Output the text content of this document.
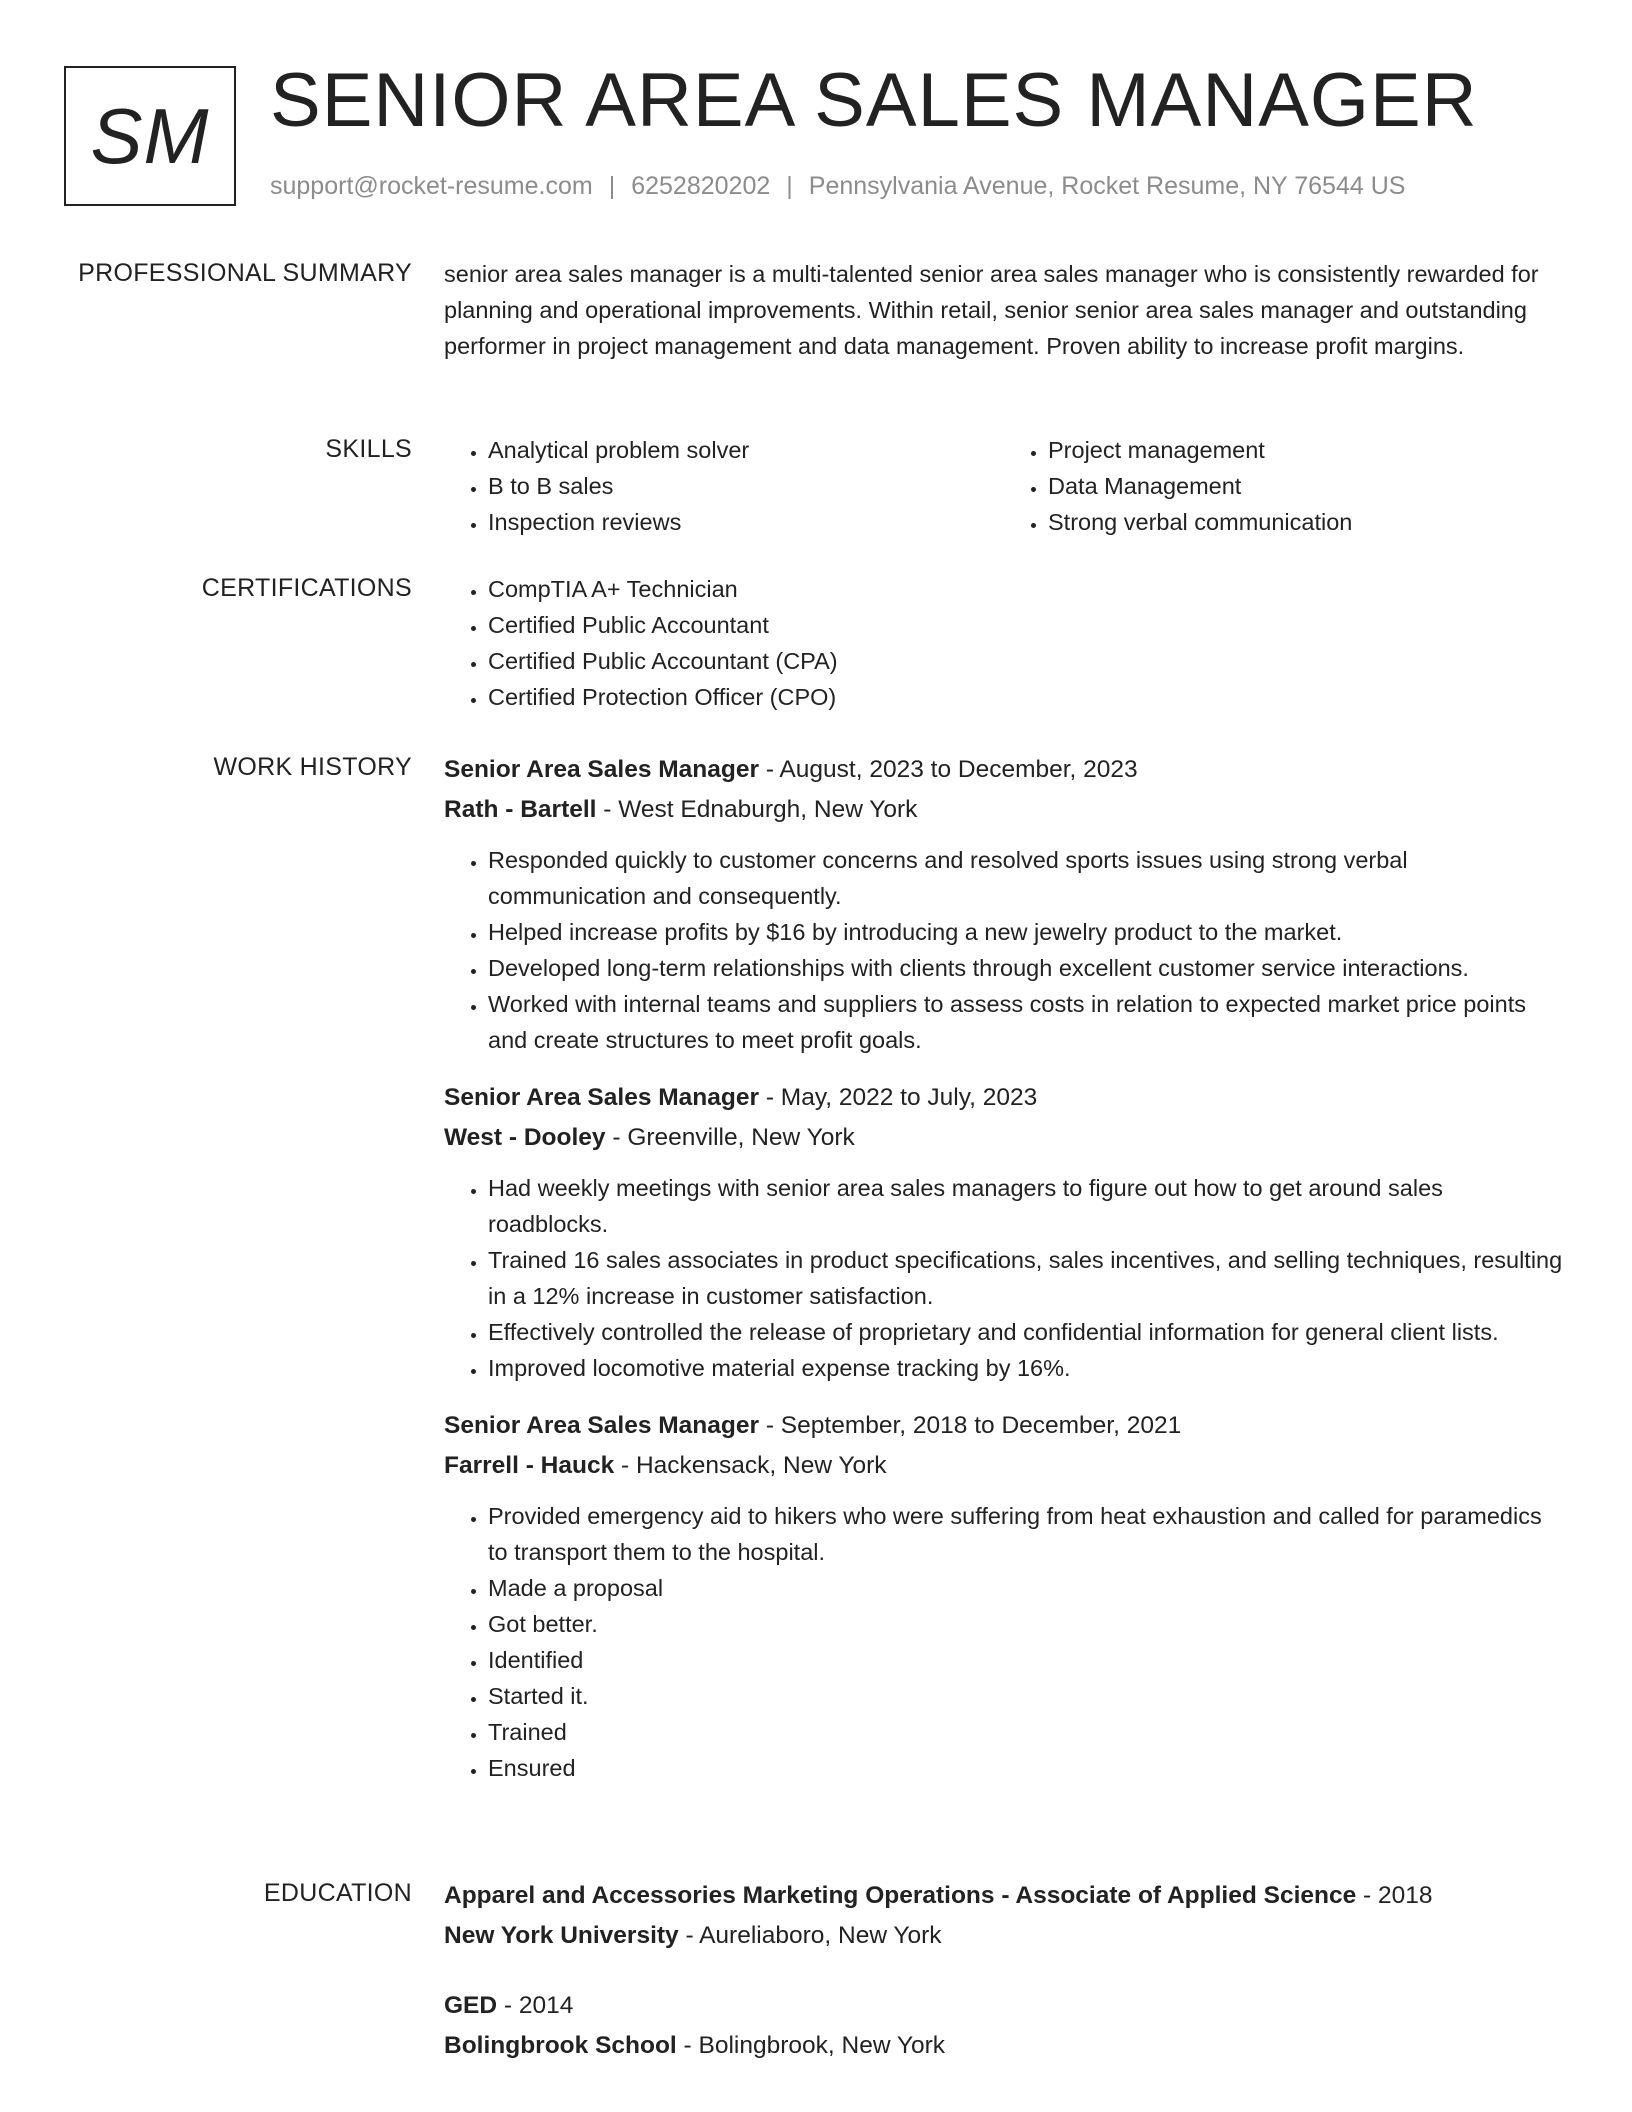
SM SENIOR AREA SALES MANAGER
support@rocket-resume.com | 6252820202 | Pennsylvania Avenue, Rocket Resume, NY 76544 US
PROFESSIONAL SUMMARY senior area sales manager is a multi-talented senior area sales manager who is consistently rewarded for planning and operational improvements. Within retail, senior senior area sales manager and outstanding performer in project management and data management. Proven ability to increase profit margins.

SKILLS	• Analytical problem solver
• B to B sales
• Inspection reviews
• Project management
• Data Management
• Strong verbal communication
CERTIFICATIONS	• CompTIA A+ Technician
• Certified Public Accountant
• Certified Public Accountant (CPA)
• Certified Protection Officer (CPO)
WORK HISTORY Senior Area Sales Manager - August, 2023 to December, 2023
Rath - Bartell - West Ednaburgh, New York
• Responded quickly to customer concerns and resolved sports issues using strong verbal communication and consequently.
• Helped increase profits by $16 by introducing a new jewelry product to the market.
• Developed long-term relationships with clients through excellent customer service interactions.
• Worked with internal teams and suppliers to assess costs in relation to expected market price points and create structures to meet profit goals.
Senior Area Sales Manager - May, 2022 to July, 2023
West - Dooley - Greenville, New York
• Had weekly meetings with senior area sales managers to figure out how to get around sales roadblocks.
• Trained 16 sales associates in product specifications, sales incentives, and selling techniques, resulting in a 12% increase in customer satisfaction.
• Effectively controlled the release of proprietary and confidential information for general client lists.
• Improved locomotive material expense tracking by 16%.
Senior Area Sales Manager - September, 2018 to December, 2021
Farrell - Hauck - Hackensack, New York
• Provided emergency aid to hikers who were suffering from heat exhaustion and called for paramedics to transport them to the hospital.
• Made a proposal
• Got better.
• Identified
• Started it.
• Trained
• Ensured
EDUCATION Apparel and Accessories Marketing Operations - Associate of Applied Science - 2018
New York University - Aureliaboro, New York
GED - 2014
Bolingbrook School - Bolingbrook, New York
